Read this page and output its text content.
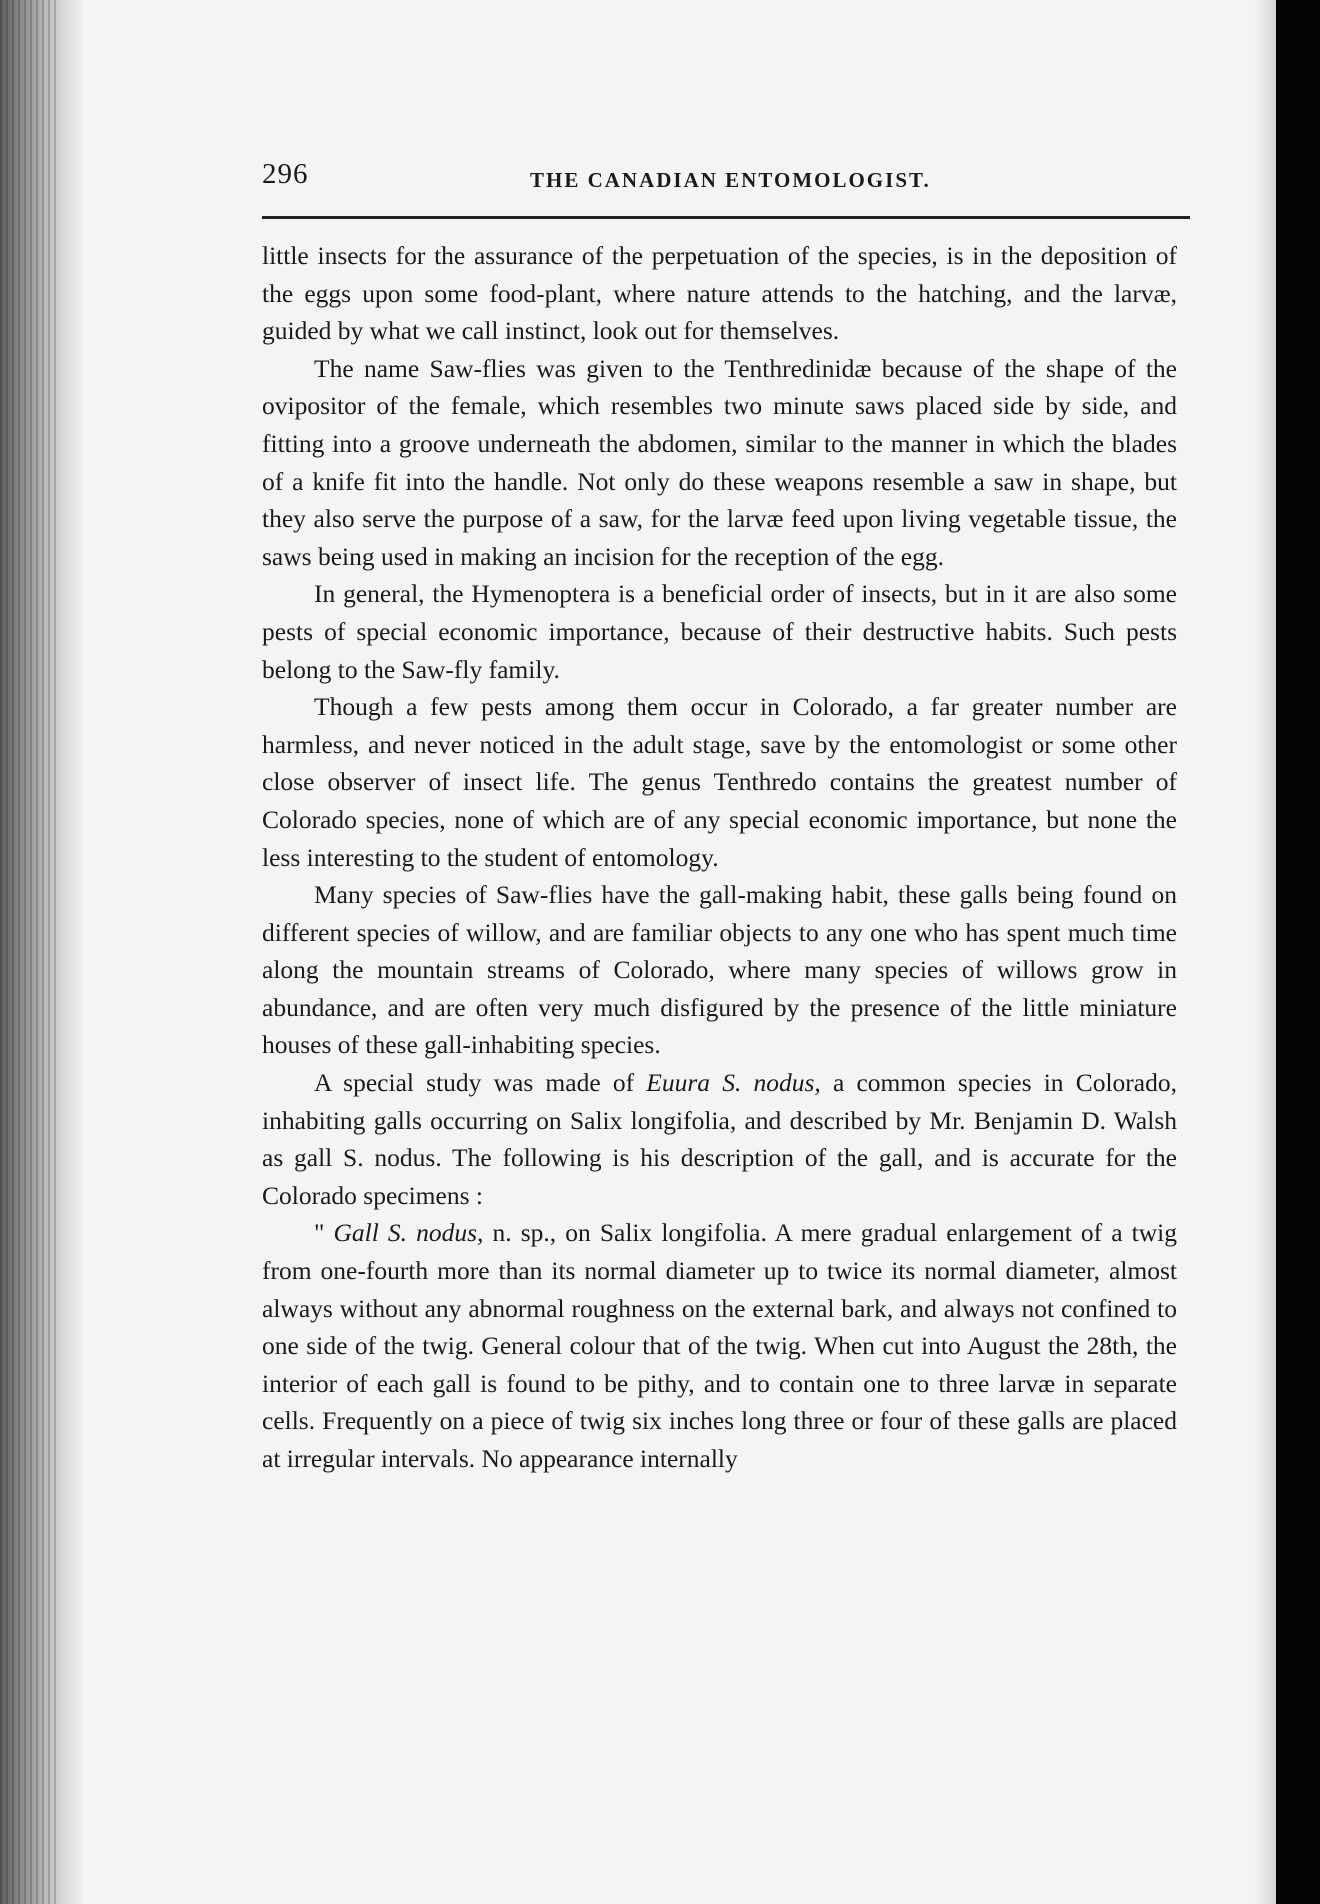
296	THE CANADIAN ENTOMOLOGIST.

little insects for the assurance of the perpetuation of the species, is in the deposition of the eggs upon some food-plant, where nature attends to the hatching, and the larvæ, guided by what we call instinct, look out for themselves.

The name Saw-flies was given to the Tenthredinidæ because of the shape of the ovipositor of the female, which resembles two minute saws placed side by side, and fitting into a groove underneath the abdomen, similar to the manner in which the blades of a knife fit into the handle. Not only do these weapons resemble a saw in shape, but they also serve the purpose of a saw, for the larvæ feed upon living vegetable tissue, the saws being used in making an incision for the reception of the egg.

In general, the Hymenoptera is a beneficial order of insects, but in it are also some pests of special economic importance, because of their destructive habits. Such pests belong to the Saw-fly family.

Though a few pests among them occur in Colorado, a far greater number are harmless, and never noticed in the adult stage, save by the entomologist or some other close observer of insect life. The genus Tenthredo contains the greatest number of Colorado species, none of which are of any special economic importance, but none the less interesting to the student of entomology.

Many species of Saw-flies have the gall-making habit, these galls being found on different species of willow, and are familiar objects to any one who has spent much time along the mountain streams of Colorado, where many species of willows grow in abundance, and are often very much disfigured by the presence of the little miniature houses of these gall-inhabiting species.

A special study was made of Euura S. nodus, a common species in Colorado, inhabiting galls occurring on Salix longifolia, and described by Mr. Benjamin D. Walsh as gall S. nodus. The following is his description of the gall, and is accurate for the Colorado specimens :

" Gall S. nodus, n. sp., on Salix longifolia. A mere gradual enlargement of a twig from one-fourth more than its normal diameter up to twice its normal diameter, almost always without any abnormal roughness on the external bark, and always not confined to one side of the twig. General colour that of the twig. When cut into August the 28th, the interior of each gall is found to be pithy, and to contain one to three larvæ in separate cells. Frequently on a piece of twig six inches long three or four of these galls are placed at irregular intervals. No appearance internally
